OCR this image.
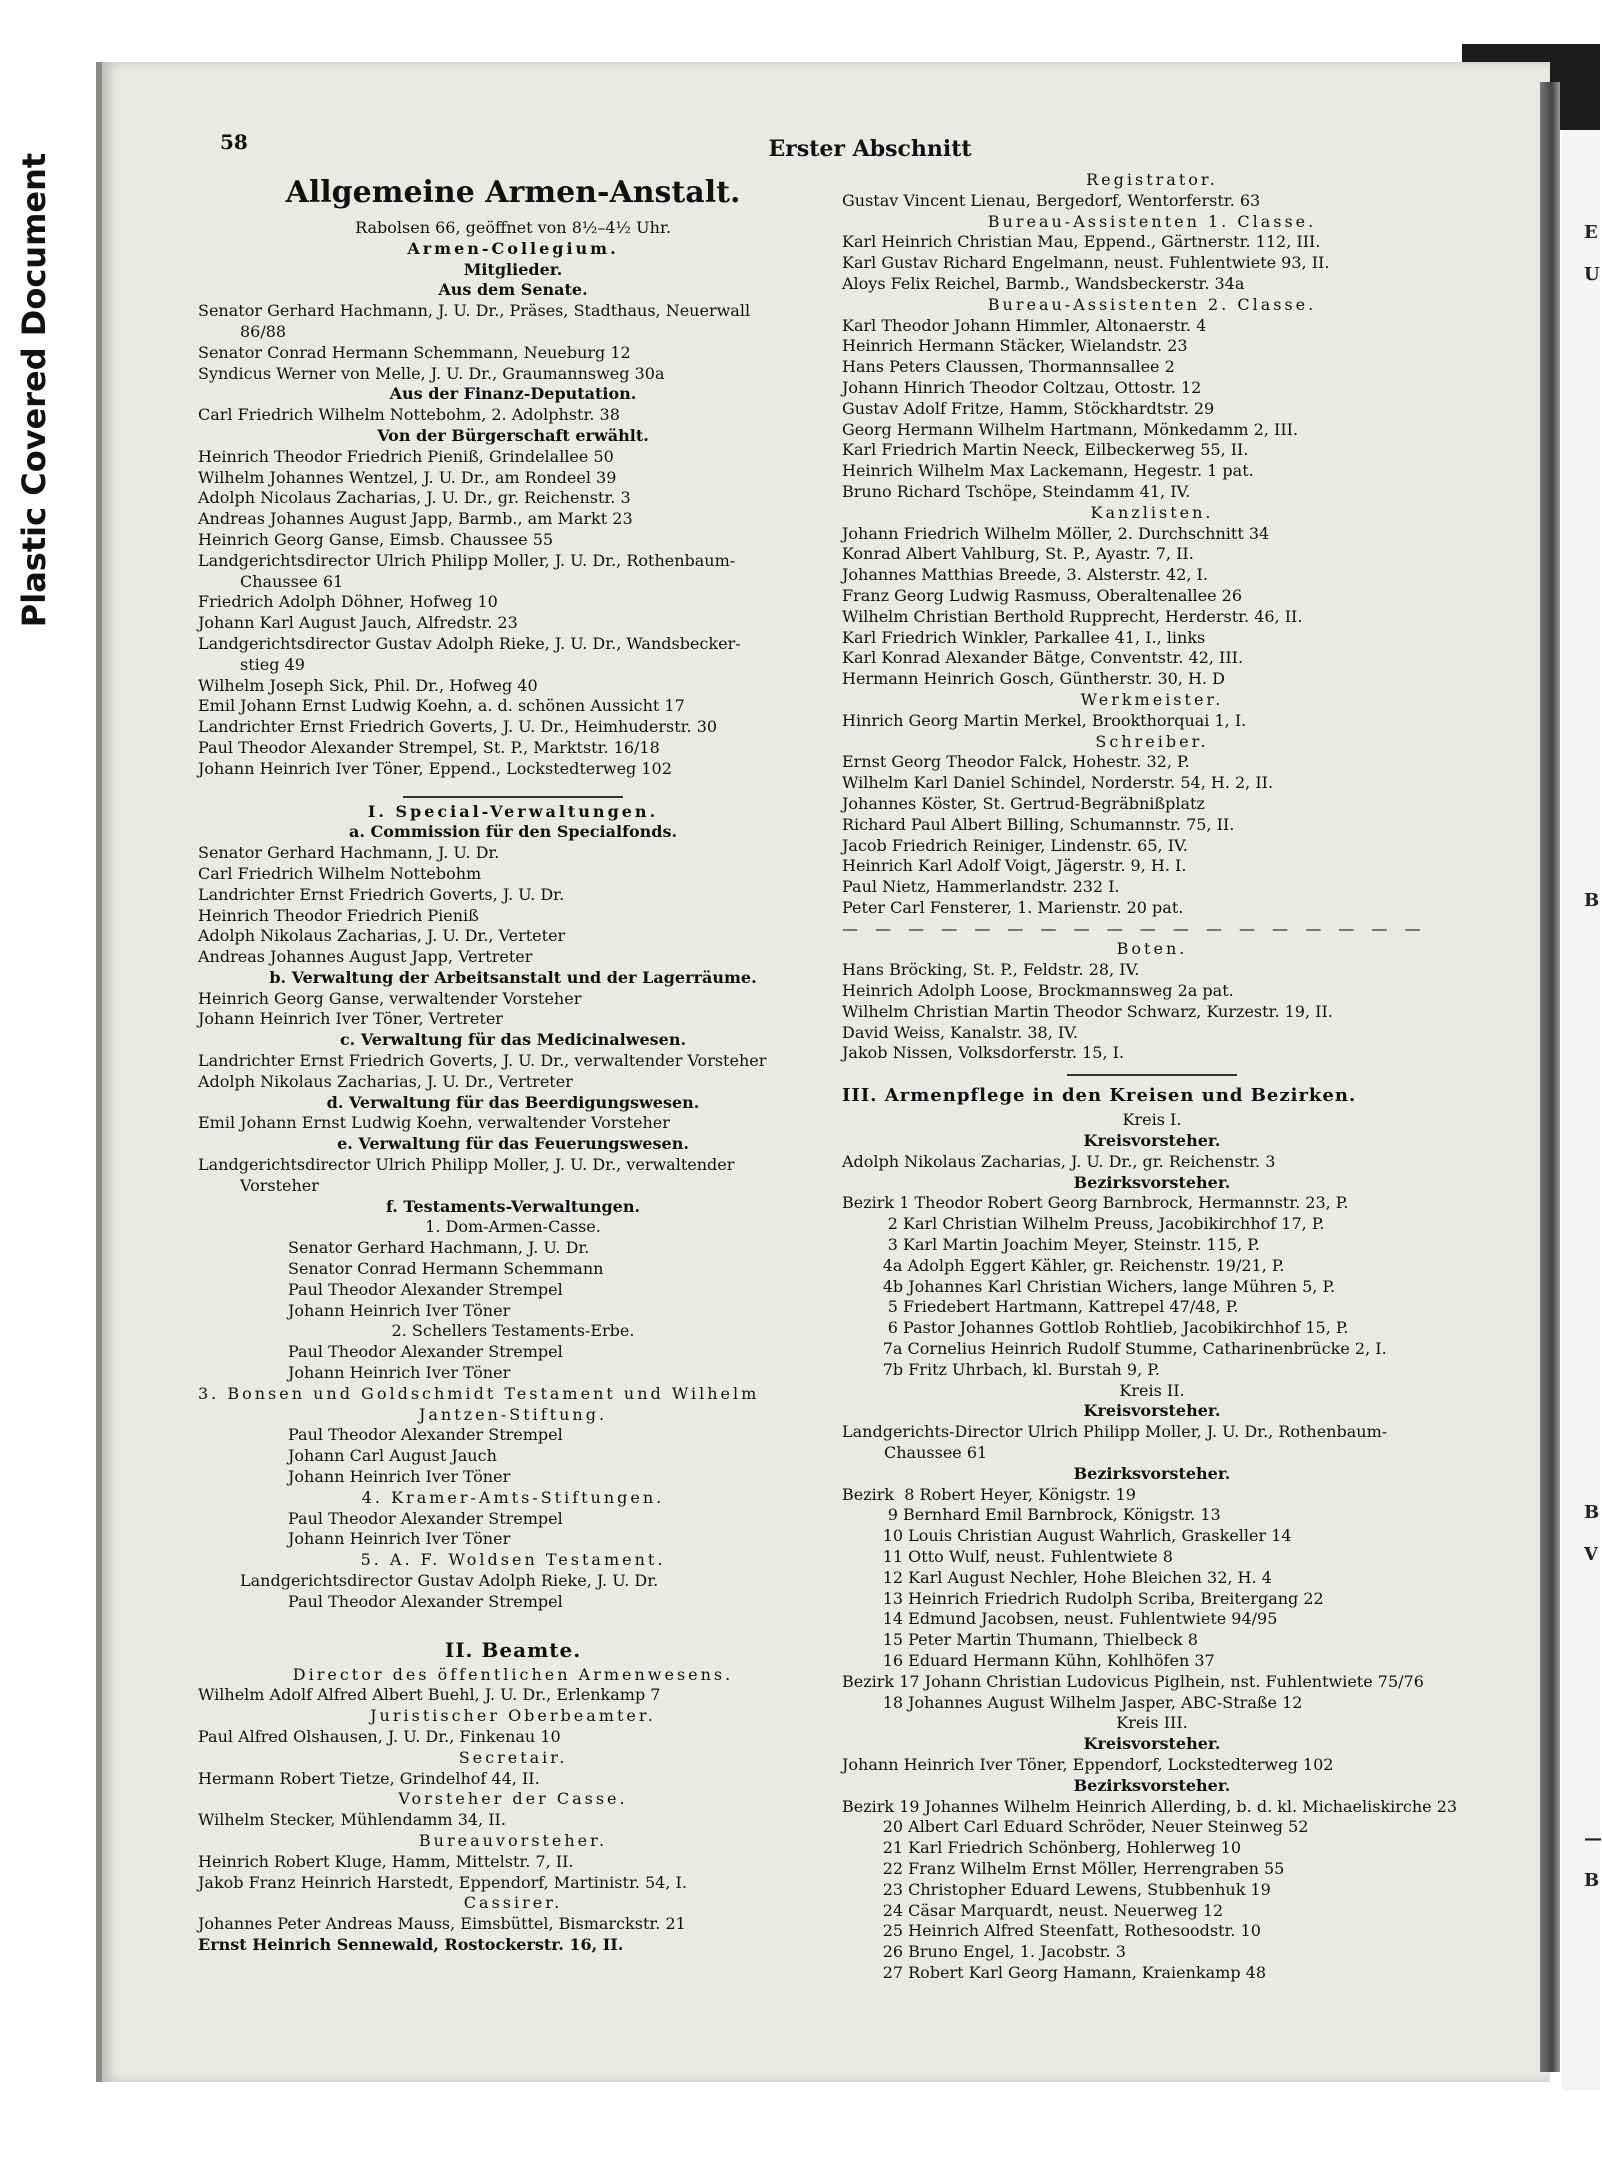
Plastic Covered Document	E
U
B
B
V
—
B
58	Erster Abschnitt
Allgemeine Armen-Anstalt.
Rabolsen 66, geöffnet von 8½–4½ Uhr.
Armen-Collegium.
Mitglieder.
Aus dem Senate.
Senator Gerhard Hachmann, J. U. Dr., Präses, Stadthaus, Neuerwall
86/88
Senator Conrad Hermann Schemmann, Neueburg 12
Syndicus Werner von Melle, J. U. Dr., Graumannsweg 30a
Aus der Finanz-Deputation.
Carl Friedrich Wilhelm Nottebohm, 2. Adolphstr. 38
Von der Bürgerschaft erwählt.
Heinrich Theodor Friedrich Pieniß, Grindelallee 50
Wilhelm Johannes Wentzel, J. U. Dr., am Rondeel 39
Adolph Nicolaus Zacharias, J. U. Dr., gr. Reichenstr. 3
Andreas Johannes August Japp, Barmb., am Markt 23
Heinrich Georg Ganse, Eimsb. Chaussee 55
Landgerichtsdirector Ulrich Philipp Moller, J. U. Dr., Rothenbaum-
Chaussee 61
Friedrich Adolph Döhner, Hofweg 10
Johann Karl August Jauch, Alfredstr. 23
Landgerichtsdirector Gustav Adolph Rieke, J. U. Dr., Wandsbecker-
stieg 49
Wilhelm Joseph Sick, Phil. Dr., Hofweg 40
Emil Johann Ernst Ludwig Koehn, a. d. schönen Aussicht 17
Landrichter Ernst Friedrich Goverts, J. U. Dr., Heimhuderstr. 30
Paul Theodor Alexander Strempel, St. P., Marktstr. 16/18
Johann Heinrich Iver Töner, Eppend., Lockstedterweg 102
I. Special-Verwaltungen.
a. Commission für den Specialfonds.
Senator Gerhard Hachmann, J. U. Dr.
Carl Friedrich Wilhelm Nottebohm
Landrichter Ernst Friedrich Goverts, J. U. Dr.
Heinrich Theodor Friedrich Pieniß
Adolph Nikolaus Zacharias, J. U. Dr., Verteter
Andreas Johannes August Japp, Vertreter
b. Verwaltung der Arbeitsanstalt und der Lagerräume.
Heinrich Georg Ganse, verwaltender Vorsteher
Johann Heinrich Iver Töner, Vertreter
c. Verwaltung für das Medicinalwesen.
Landrichter Ernst Friedrich Goverts, J. U. Dr., verwaltender Vorsteher
Adolph Nikolaus Zacharias, J. U. Dr., Vertreter
d. Verwaltung für das Beerdigungswesen.
Emil Johann Ernst Ludwig Koehn, verwaltender Vorsteher
e. Verwaltung für das Feuerungswesen.
Landgerichtsdirector Ulrich Philipp Moller, J. U. Dr., verwaltender
Vorsteher
f. Testaments-Verwaltungen.
1. Dom-Armen-Casse.
Senator Gerhard Hachmann, J. U. Dr.
Senator Conrad Hermann Schemmann
Paul Theodor Alexander Strempel
Johann Heinrich Iver Töner
2. Schellers Testaments-Erbe.
Paul Theodor Alexander Strempel
Johann Heinrich Iver Töner
3. Bonsen und Goldschmidt Testament und Wilhelm
Jantzen-Stiftung.
Paul Theodor Alexander Strempel
Johann Carl August Jauch
Johann Heinrich Iver Töner
4. Kramer-Amts-Stiftungen.
Paul Theodor Alexander Strempel
Johann Heinrich Iver Töner
5. A. F. Woldsen Testament.
Landgerichtsdirector Gustav Adolph Rieke, J. U. Dr.
Paul Theodor Alexander Strempel
II. Beamte.
Director des öffentlichen Armenwesens.
Wilhelm Adolf Alfred Albert Buehl, J. U. Dr., Erlenkamp 7
Juristischer Oberbeamter.
Paul Alfred Olshausen, J. U. Dr., Finkenau 10
Secretair.
Hermann Robert Tietze, Grindelhof 44, II.
Vorsteher der Casse.
Wilhelm Stecker, Mühlendamm 34, II.
Bureauvorsteher.
Heinrich Robert Kluge, Hamm, Mittelstr. 7, II.
Jakob Franz Heinrich Harstedt, Eppendorf, Martinistr. 54, I.
Cassirer.
Johannes Peter Andreas Mauss, Eimsbüttel, Bismarckstr. 21
Ernst Heinrich Sennewald, Rostockerstr. 16, II.
Registrator.
Gustav Vincent Lienau, Bergedorf, Wentorferstr. 63
Bureau-Assistenten 1. Classe.
Karl Heinrich Christian Mau, Eppend., Gärtnerstr. 112, III.
Karl Gustav Richard Engelmann, neust. Fuhlentwiete 93, II.
Aloys Felix Reichel, Barmb., Wandsbeckerstr. 34a
Bureau-Assistenten 2. Classe.
Karl Theodor Johann Himmler, Altonaerstr. 4
Heinrich Hermann Stäcker, Wielandstr. 23
Hans Peters Claussen, Thormannsallee 2
Johann Hinrich Theodor Coltzau, Ottostr. 12
Gustav Adolf Fritze, Hamm, Stöckhardtstr. 29
Georg Hermann Wilhelm Hartmann, Mönkedamm 2, III.
Karl Friedrich Martin Neeck, Eilbeckerweg 55, II.
Heinrich Wilhelm Max Lackemann, Hegestr. 1 pat.
Bruno Richard Tschöpe, Steindamm 41, IV.
Kanzlisten.
Johann Friedrich Wilhelm Möller, 2. Durchschnitt 34
Konrad Albert Vahlburg, St. P., Ayastr. 7, II.
Johannes Matthias Breede, 3. Alsterstr. 42, I.
Franz Georg Ludwig Rasmuss, Oberaltenallee 26
Wilhelm Christian Berthold Rupprecht, Herderstr. 46, II.
Karl Friedrich Winkler, Parkallee 41, I., links
Karl Konrad Alexander Bätge, Conventstr. 42, III.
Hermann Heinrich Gosch, Güntherstr. 30, H. D
Werkmeister.
Hinrich Georg Martin Merkel, Brookthorquai 1, I.
Schreiber.
Ernst Georg Theodor Falck, Hohestr. 32, P.
Wilhelm Karl Daniel Schindel, Norderstr. 54, H. 2, II.
Johannes Köster, St. Gertrud-Begräbnißplatz
Richard Paul Albert Billing, Schumannstr. 75, II.
Jacob Friedrich Reiniger, Lindenstr. 65, IV.
Heinrich Karl Adolf Voigt, Jägerstr. 9, H. I.
Paul Nietz, Hammerlandstr. 232 I.
Peter Carl Fensterer, 1. Marienstr. 20 pat.
— — — — — — — — — — — — — — — — — —
Boten.
Hans Bröcking, St. P., Feldstr. 28, IV.
Heinrich Adolph Loose, Brockmannsweg 2a pat.
Wilhelm Christian Martin Theodor Schwarz, Kurzestr. 19, II.
David Weiss, Kanalstr. 38, IV.
Jakob Nissen, Volksdorferstr. 15, I.
III. Armenpflege in den Kreisen und Bezirken.
Kreis I.
Kreisvorsteher.
Adolph Nikolaus Zacharias, J. U. Dr., gr. Reichenstr. 3
Bezirksvorsteher.
Bezirk 1 Theodor Robert Georg Barnbrock, Hermannstr. 23, P.
2 Karl Christian Wilhelm Preuss, Jacobikirchhof 17, P.
3 Karl Martin Joachim Meyer, Steinstr. 115, P.
4a Adolph Eggert Kähler, gr. Reichenstr. 19/21, P.
4b Johannes Karl Christian Wichers, lange Mühren 5, P.
5 Friedebert Hartmann, Kattrepel 47/48, P.
6 Pastor Johannes Gottlob Rohtlieb, Jacobikirchhof 15, P.
7a Cornelius Heinrich Rudolf Stumme, Catharinenbrücke 2, I.
7b Fritz Uhrbach, kl. Burstah 9, P.
Kreis II.
Kreisvorsteher.
Landgerichts-Director Ulrich Philipp Moller, J. U. Dr., Rothenbaum-
Chaussee 61
Bezirksvorsteher.
Bezirk  8 Robert Heyer, Königstr. 19
9 Bernhard Emil Barnbrock, Königstr. 13
10 Louis Christian August Wahrlich, Graskeller 14
11 Otto Wulf, neust. Fuhlentwiete 8
12 Karl August Nechler, Hohe Bleichen 32, H. 4
13 Heinrich Friedrich Rudolph Scriba, Breitergang 22
14 Edmund Jacobsen, neust. Fuhlentwiete 94/95
15 Peter Martin Thumann, Thielbeck 8
16 Eduard Hermann Kühn, Kohlhöfen 37
Bezirk 17 Johann Christian Ludovicus Piglhein, nst. Fuhlentwiete 75/76
18 Johannes August Wilhelm Jasper, ABC-Straße 12
Kreis III.
Kreisvorsteher.
Johann Heinrich Iver Töner, Eppendorf, Lockstedterweg 102
Bezirksvorsteher.
Bezirk 19 Johannes Wilhelm Heinrich Allerding, b. d. kl. Michaeliskirche 23
20 Albert Carl Eduard Schröder, Neuer Steinweg 52
21 Karl Friedrich Schönberg, Hohlerweg 10
22 Franz Wilhelm Ernst Möller, Herrengraben 55
23 Christopher Eduard Lewens, Stubbenhuk 19
24 Cäsar Marquardt, neust. Neuerweg 12
25 Heinrich Alfred Steenfatt, Rothesoodstr. 10
26 Bruno Engel, 1. Jacobstr. 3
27 Robert Karl Georg Hamann, Kraienkamp 48
